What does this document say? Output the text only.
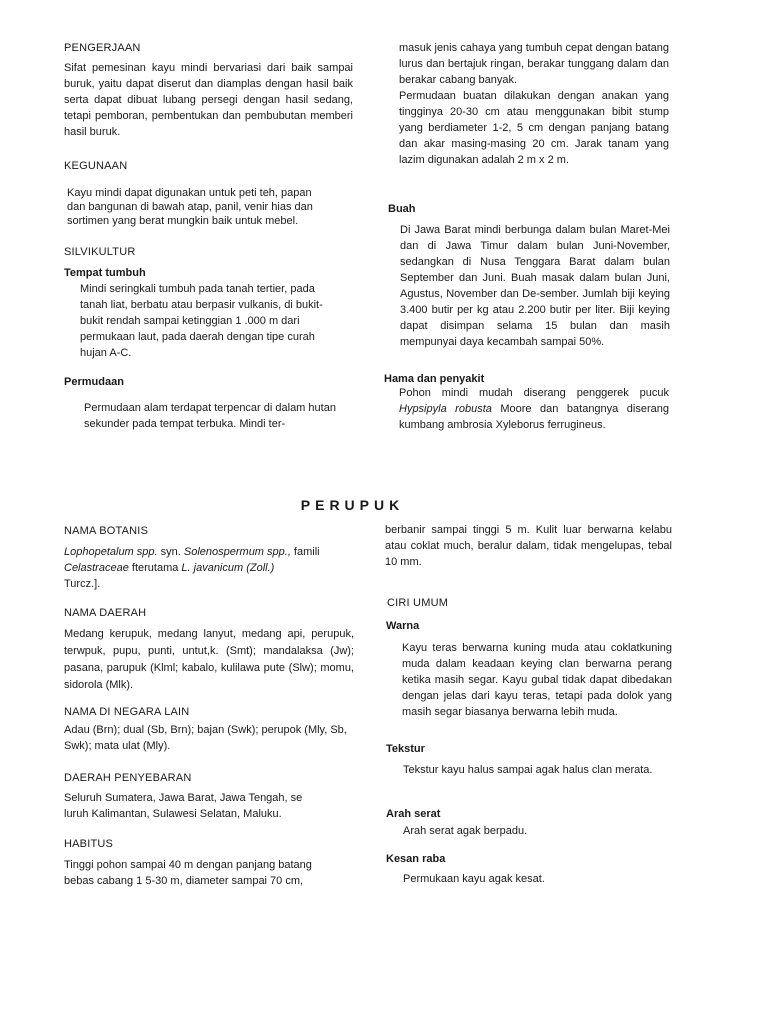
PENGERJAAN

Sifat pemesinan kayu mindi bervariasi dari baik sampai buruk, yaitu dapat diserut dan diamplas dengan hasil baik serta dapat dibuat lubang persegi dengan hasil sedang, tetapi pemboran, pembentukan dan pembubutan memberi hasil buruk.

KEGUNAAN

Kayu mindi dapat digunakan untuk peti teh, papan dan bangunan di bawah atap, panil, venir hias dan sortimen yang berat mungkin baik untuk mebel.

SILVIKULTUR
Tempat tumbuh

Mindi seringkali tumbuh pada tanah tertier, pada tanah liat, berbatu atau berpasir vulkanis, di bukit-bukit rendah sampai ketinggian 1 .000 m dari permukaan laut, pada daerah dengan tipe curah hujan A-C.

Permudaan

Permudaan alam terdapat terpencar di dalam hutan sekunder pada tempat terbuka. Mindi ter-

masuk jenis cahaya yang tumbuh cepat dengan batang lurus dan bertajuk ringan, berakar tunggang dalam dan berakar cabang banyak.

Permudaan buatan dilakukan dengan anakan yang tingginya 20-30 cm atau menggunakan bibit stump yang berdiameter 1-2, 5 cm dengan panjang batang dan akar masing-masing 20 cm. Jarak tanam yang lazim digunakan adalah 2 m x 2 m.

Buah

Di Jawa Barat mindi berbunga dalam bulan Maret-Mei dan di Jawa Timur dalam bulan Juni-November, sedangkan di Nusa Tenggara Barat dalam bulan September dan Juni. Buah masak dalam bulan Juni, Agustus, November dan De-sember. Jumlah biji keying 3.400 butir per kg atau 2.200 butir per liter. Biji keying dapat disimpan selama 15 bulan dan masih mempunyai daya kecambah sampai 50%.

Hama dan penyakit

Pohon mindi mudah diserang penggerek pucuk Hypsipyla robusta Moore dan batangnya diserang kumbang ambrosia Xyleborus ferrugineus.

PERUPUK
NAMA BOTANIS

Lophopetalum spp. syn. Solenospermum spp., famili
Celastraceae fterutama L. javanicum (Zoll.)
Turcz.].

NAMA DAERAH

Medang kerupuk, medang lanyut, medang api, perupuk, terwpuk, pupu, punti, untut,k. (Smt); mandalaksa (Jw); pasana, parupuk (Klml; kabalo, kulilawa pute (Slw); momu, sidorola (Mlk).

NAMA DI NEGARA LAIN

Adau (Brn); dual (Sb, Brn); bajan (Swk); perupok (Mly, Sb, Swk); mata ulat (Mly).

DAERAH PENYEBARAN

Seluruh Sumatera, Jawa Barat, Jawa Tengah, se luruh Kalimantan, Sulawesi Selatan, Maluku.

HABITUS

Tinggi pohon sampai 40 m dengan panjang batang bebas cabang 1 5-30 m, diameter sampai 70 cm,

berbanir sampai tinggi 5 m. Kulit luar berwarna kelabu atau coklat much, beralur dalam, tidak mengelupas, tebal 10 mm.

CIRI UMUM
Warna

Kayu teras berwarna kuning muda atau coklatkuning muda dalam keadaan keying clan berwarna perang ketika masih segar. Kayu gubal tidak dapat dibedakan dengan jelas dari kayu teras, tetapi pada dolok yang masih segar biasanya berwarna lebih muda.

Tekstur

Tekstur kayu halus sampai agak halus clan merata.

Arah serat

Arah serat agak berpadu.

Kesan raba

Permukaan kayu agak kesat.
